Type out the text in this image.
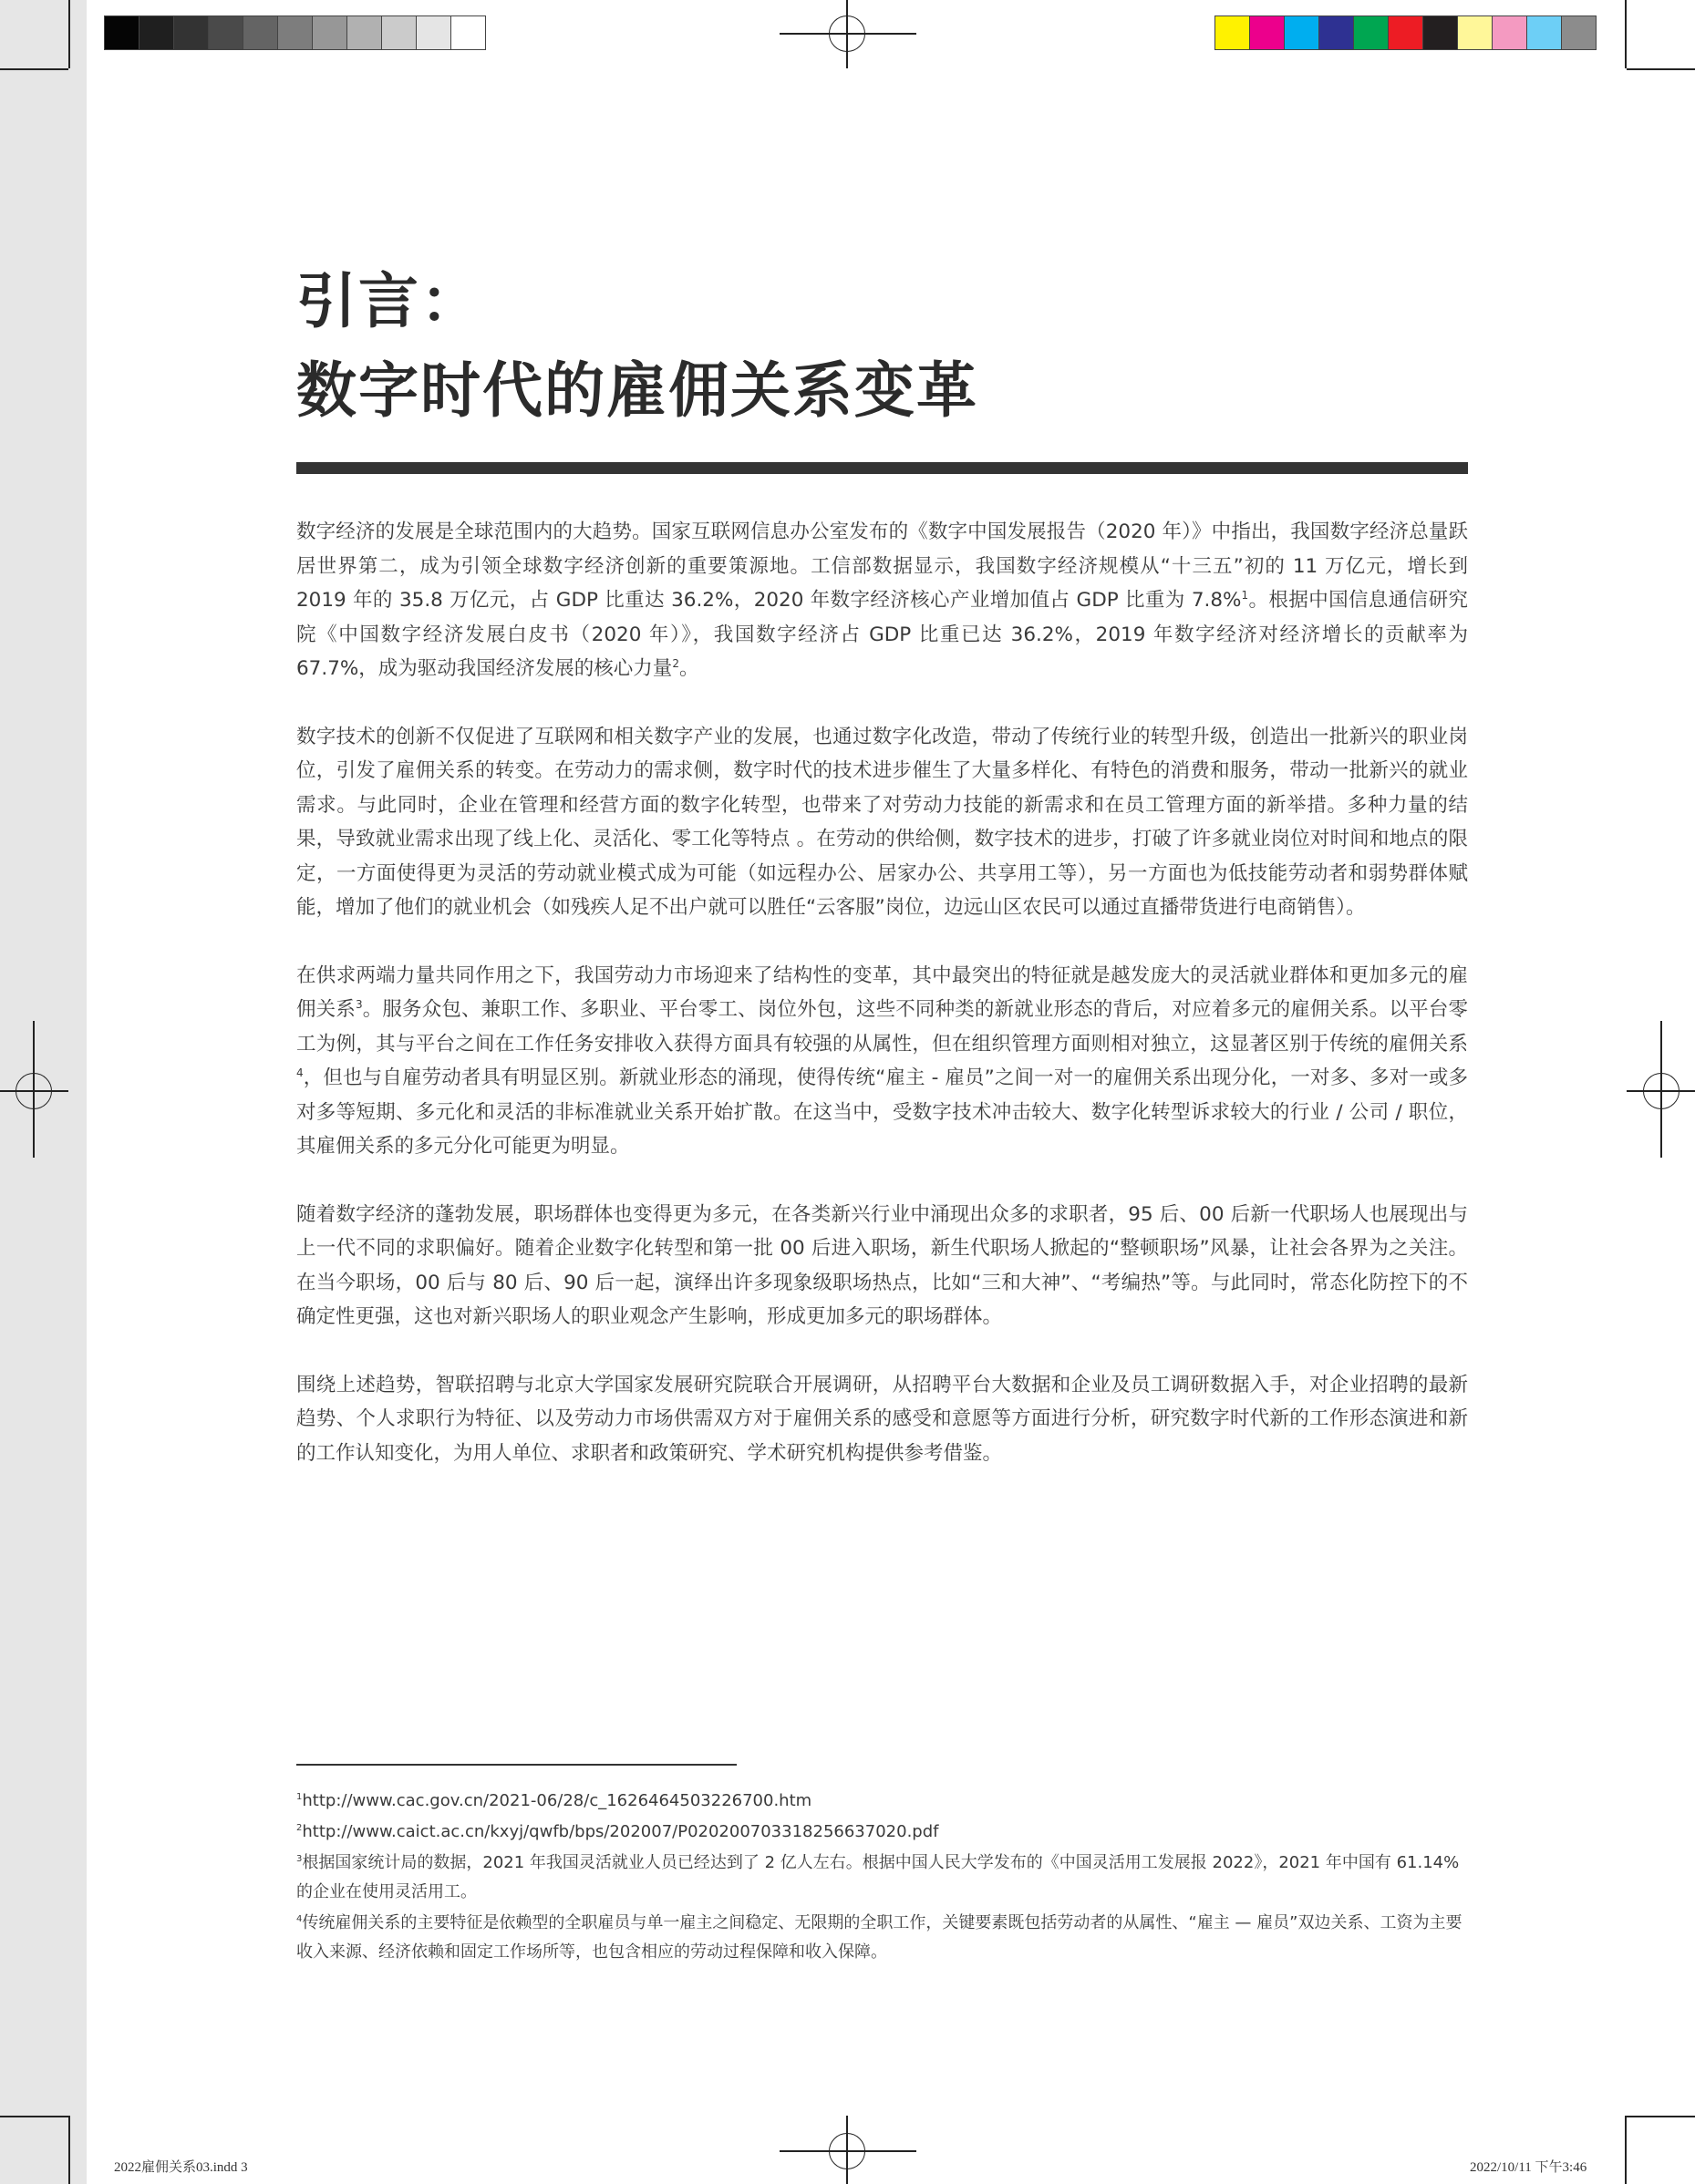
引言：
数字时代的雇佣关系变革

数字经济的发展是全球范围内的大趋势。国家互联网信息办公室发布的《数字中国发展报告（2020 年）》中指出，我国数字经济总量跃居世界第二，成为引领全球数字经济创新的重要策源地。工信部数据显示，我国数字经济规模从“十三五”初的 11 万亿元，增长到 2019 年的 35.8 万亿元，占 GDP 比重达 36.2%，2020 年数字经济核心产业增加值占 GDP 比重为 7.8%$^1$。根据中国信息通信研究院《中国数字经济发展白皮书（2020 年）》，我国数字经济占 GDP 比重已达 36.2%，2019 年数字经济对经济增长的贡献率为 67.7%，成为驱动我国经济发展的核心力量$^2$。

数字技术的创新不仅促进了互联网和相关数字产业的发展，也通过数字化改造，带动了传统行业的转型升级，创造出一批新兴的职业岗位，引发了雇佣关系的转变。在劳动力的需求侧，数字时代的技术进步催生了大量多样化、有特色的消费和服务，带动一批新兴的就业需求。与此同时，企业在管理和经营方面的数字化转型，也带来了对劳动力技能的新需求和在员工管理方面的新举措。多种力量的结果，导致就业需求出现了线上化、灵活化、零工化等特点 。在劳动的供给侧，数字技术的进步，打破了许多就业岗位对时间和地点的限定，一方面使得更为灵活的劳动就业模式成为可能（如远程办公、居家办公、共享用工等），另一方面也为低技能劳动者和弱势群体赋能，增加了他们的就业机会（如残疾人足不出户就可以胜任“云客服”岗位，边远山区农民可以通过直播带货进行电商销售）。

在供求两端力量共同作用之下，我国劳动力市场迎来了结构性的变革，其中最突出的特征就是越发庞大的灵活就业群体和更加多元的雇佣关系$^3$。服务众包、兼职工作、多职业、平台零工、岗位外包，这些不同种类的新就业形态的背后，对应着多元的雇佣关系。以平台零工为例，其与平台之间在工作任务安排收入获得方面具有较强的从属性，但在组织管理方面则相对独立，这显著区别于传统的雇佣关系$^4$，但也与自雇劳动者具有明显区别。新就业形态的涌现，使得传统“雇主 - 雇员”之间一对一的雇佣关系出现分化，一对多、多对一或多对多等短期、多元化和灵活的非标准就业关系开始扩散。在这当中，受数字技术冲击较大、数字化转型诉求较大的行业 / 公司 / 职位，其雇佣关系的多元分化可能更为明显。

随着数字经济的蓬勃发展，职场群体也变得更为多元，在各类新兴行业中涌现出众多的求职者，95 后、00 后新一代职场人也展现出与上一代不同的求职偏好。随着企业数字化转型和第一批 00 后进入职场，新生代职场人掀起的“整顿职场”风暴，让社会各界为之关注。在当今职场，00 后与 80 后、90 后一起，演绎出许多现象级职场热点，比如“三和大神”、“考编热”等。与此同时，常态化防控下的不确定性更强，这也对新兴职场人的职业观念产生影响，形成更加多元的职场群体。

围绕上述趋势，智联招聘与北京大学国家发展研究院联合开展调研，从招聘平台大数据和企业及员工调研数据入手，对企业招聘的最新趋势、个人求职行为特征、以及劳动力市场供需双方对于雇佣关系的感受和意愿等方面进行分析，研究数字时代新的工作形态演进和新的工作认知变化，为用人单位、求职者和政策研究、学术研究机构提供参考借鉴。

$^1$http://www.cac.gov.cn/2021-06/28/c_1626464503226700.htm
$^2$http://www.caict.ac.cn/kxyj/qwfb/bps/202007/P020200703318256637020.pdf
$^3$根据国家统计局的数据，2021 年我国灵活就业人员已经达到了 2 亿人左右。根据中国人民大学发布的《中国灵活用工发展报 2022》，2021 年中国有 61.14% 的企业在使用灵活用工。
$^4$传统雇佣关系的主要特征是依赖型的全职雇员与单一雇主之间稳定、无限期的全职工作，关键要素既包括劳动者的从属性、“雇主 — 雇员”双边关系、工资为主要收入来源、经济依赖和固定工作场所等，也包含相应的劳动过程保障和收入保障。
2022雇佣关系03.indd 3	2022/10/11 下午3:46
